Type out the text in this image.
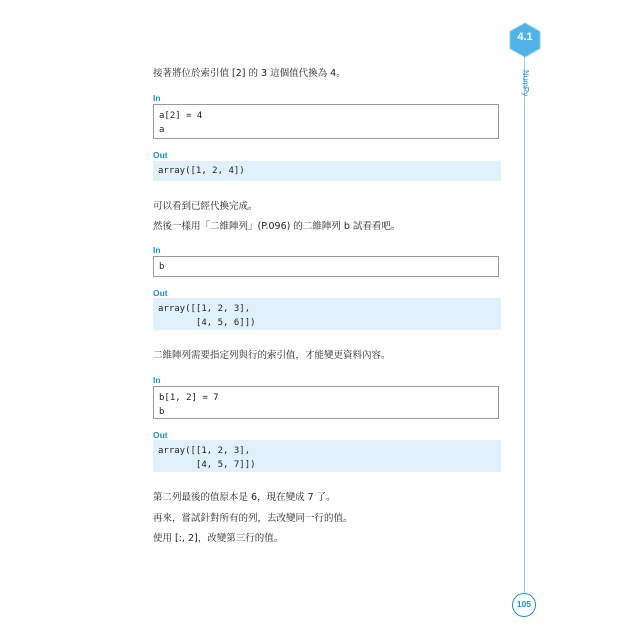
4.1
NumPy
105
接著將位於索引值 [2] 的 3 這個值代換為 4。
In
a[2] = 4
a
Out
array([1, 2, 4])
可以看到已經代換完成。
然後一樣用「二維陣列」(P.096) 的二維陣列 b 試看看吧。
In
b
Out
array([[1, 2, 3],
[4, 5, 6]])
二維陣列需要指定列與行的索引值，才能變更資料內容。
In
b[1, 2] = 7
b
Out
array([[1, 2, 3],
[4, 5, 7]])
第二列最後的值原本是 6，現在變成 7 了。
再來，嘗試針對所有的列，去改變同一行的值。
使用 [:, 2]，改變第三行的值。
